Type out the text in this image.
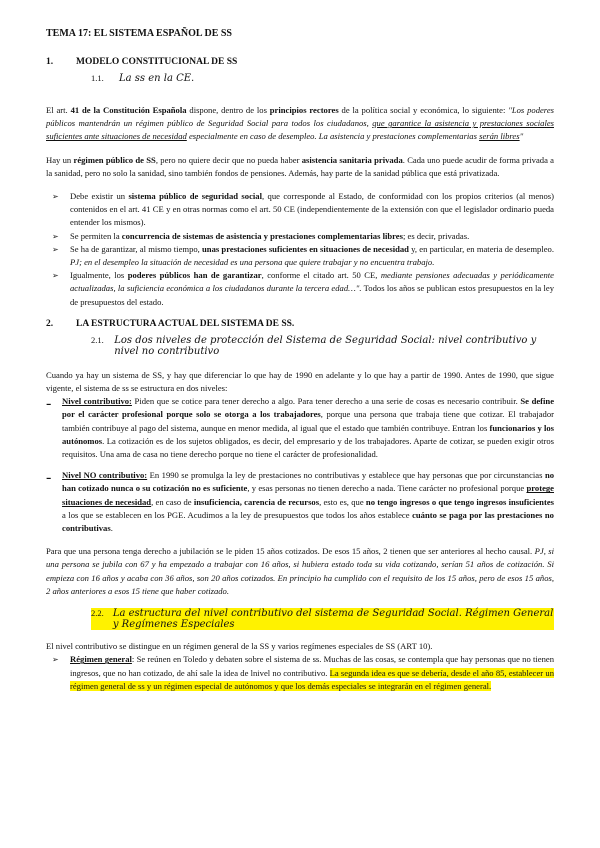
TEMA 17: EL SISTEMA ESPAÑOL DE SS
1.	MODELO CONSTITUCIONAL DE SS
1.1.	La ss en la CE.

El art. 41 de la Constitución Española dispone, dentro de los principios rectores de la política social y económica, lo siguiente: "Los poderes públicos mantendrán un régimen público de Seguridad Social para todos los ciudadanos, que garantice la asistencia y prestaciones sociales suficientes ante situaciones de necesidad especialmente en caso de desempleo. La asistencia y prestaciones complementarias serán libres"

Hay un régimen público de SS, pero no quiere decir que no pueda haber asistencia sanitaria privada. Cada uno puede acudir de forma privada a la sanidad, pero no solo la sanidad, sino también fondos de pensiones. Además, hay parte de la sanidad pública que está privatizada.

➢	Debe existir un sistema público de seguridad social, que corresponde al Estado, de conformidad con los propios criterios (al menos) contenidos en el art. 41 CE y en otras normas como el art. 50 CE (independientemente de la extensión con que el legislador ordinario pueda entender los mismos).
➢	Se permiten la concurrencia de sistemas de asistencia y prestaciones complementarias libres; es decir, privadas.
➢	Se ha de garantizar, al mismo tiempo, unas prestaciones suficientes en situaciones de necesidad y, en particular, en materia de desempleo. PJ; en el desempleo la situación de necesidad es una persona que quiere trabajar y no encuentra trabajo.
➢	Igualmente, los poderes públicos han de garantizar, conforme el citado art. 50 CE, mediante pensiones adecuadas y periódicamente actualizadas, la suficiencia económica a los ciudadanos durante la tercera edad…". Todos los años se publican estos presupuestos en la ley de presupuestos del estado.
2.	LA ESTRUCTURA ACTUAL DEL SISTEMA DE SS.
2.1.	Los dos niveles de protección del Sistema de Seguridad Social: nivel contributivo y nivel no contributivo

Cuando ya hay un sistema de SS, y hay que diferenciar lo que hay de 1990 en adelante y lo que hay a partir de 1990. Antes de 1990, que sigue vigente, el sistema de ss se estructura en dos niveles:

-	Nivel contributivo: Piden que se cotice para tener derecho a algo. Para tener derecho a una serie de cosas es necesario contribuir. Se define por el carácter profesional porque solo se otorga a los trabajadores, porque una persona que trabaja tiene que cotizar. El trabajador también contribuye al pago del sistema, aunque en menor medida, al igual que el estado que también contribuye. Entran los funcionarios y los autónomos. La cotización es de los sujetos obligados, es decir, del empresario y de los trabajadores. Aparte de cotizar, se pueden exigir otros requisitos. Una ama de casa no tiene derecho porque no tiene el carácter de profesionalidad.
-	Nivel NO contributivo: En 1990 se promulga la ley de prestaciones no contributivas y establece que hay personas que por circunstancias no han cotizado nunca o su cotización no es suficiente, y esas personas no tienen derecho a nada. Tiene carácter no profesional porque protege situaciones de necesidad, en caso de insuficiencia, carencia de recursos, esto es, que no tengo ingresos o que tengo ingresos insuficientes a los que se establecen en los PGE. Acudimos a la ley de presupuestos que todos los años establece cuánto se paga por las prestaciones no contributivas.

Para que una persona tenga derecho a jubilación se le piden 15 años cotizados. De esos 15 años, 2 tienen que ser anteriores al hecho causal. PJ, si una persona se jubila con 67 y ha empezado a trabajar con 16 años, si hubiera estado toda su vida cotizando, serían 51 años de cotización. Si empieza con 16 años y acaba con 36 años, son 20 años cotizados. En principio ha cumplido con el requisito de los 15 años, pero de esos 15 años, 2 años anteriores a esos 15 tiene que haber cotizado.

2.2. La estructura del nivel contributivo del sistema de Seguridad Social. Régimen General y Regímenes Especiales

El nivel contributivo se distingue en un régimen general de la SS y varios regímenes especiales de SS (ART 10).

➢	Régimen general: Se reúnen en Toledo y debaten sobre el sistema de ss. Muchas de las cosas, se contempla que hay personas que no tienen ingresos, que no han cotizado, de ahí sale la idea de lnivel no contributivo. La segunda idea es que se debería, desde el año 85, establecer un régimen general de ss y un régimen especial de autónomos y que los demás especiales se integrarán en el régimen general.
